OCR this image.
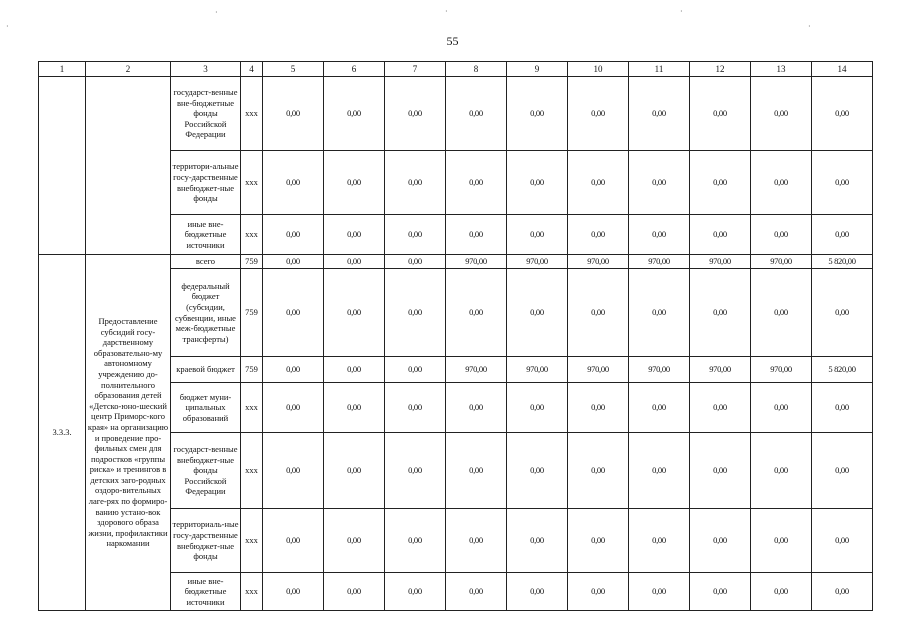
55
·
·	·	·
·
1	2	3	4	5	6	7	8	9	10	11	12	13	14
		государст-венные вне-бюджетные фонды Российской Федерации	xxx	0,00	0,00	0,00	0,00	0,00	0,00	0,00	0,00	0,00	0,00
		территори-альные госу-дарственные внебюджет-ные фонды	xxx	0,00	0,00	0,00	0,00	0,00	0,00	0,00	0,00	0,00	0,00
		иные вне-бюджетные источники	xxx	0,00	0,00	0,00	0,00	0,00	0,00	0,00	0,00	0,00	0,00
3.3.3.	Предоставление субсидий госу-дарственному образовательно-му автономному учреждению до-полнительного образования детей «Детско-юно-шеский центр Приморс-кого края» на организацию и проведение про-фильных смен для подростков «группы риска» и тренингов в детских заго-родных оздоро-вительных лаге-рях по формиро-ванию устано-вок здорового образа жизни, профилактики наркомании	всего	759	0,00	0,00	0,00	970,00	970,00	970,00	970,00	970,00	970,00	5 820,00
		федеральный бюджет (субсидии, субвенции, иные меж-бюджетные трансферты)	759	0,00	0,00	0,00	0,00	0,00	0,00	0,00	0,00	0,00	0,00
		краевой бюджет	759	0,00	0,00	0,00	970,00	970,00	970,00	970,00	970,00	970,00	5 820,00
		бюджет муни-ципальных образований	xxx	0,00	0,00	0,00	0,00	0,00	0,00	0,00	0,00	0,00	0,00
		государст-венные внебюджет-ные фонды Российской Федерации	xxx	0,00	0,00	0,00	0,00	0,00	0,00	0,00	0,00	0,00	0,00
		территориаль-ные госу-дарственные внебюджет-ные фонды	xxx	0,00	0,00	0,00	0,00	0,00	0,00	0,00	0,00	0,00	0,00
		иные вне-бюджетные источники	xxx	0,00	0,00	0,00	0,00	0,00	0,00	0,00	0,00	0,00	0,00
